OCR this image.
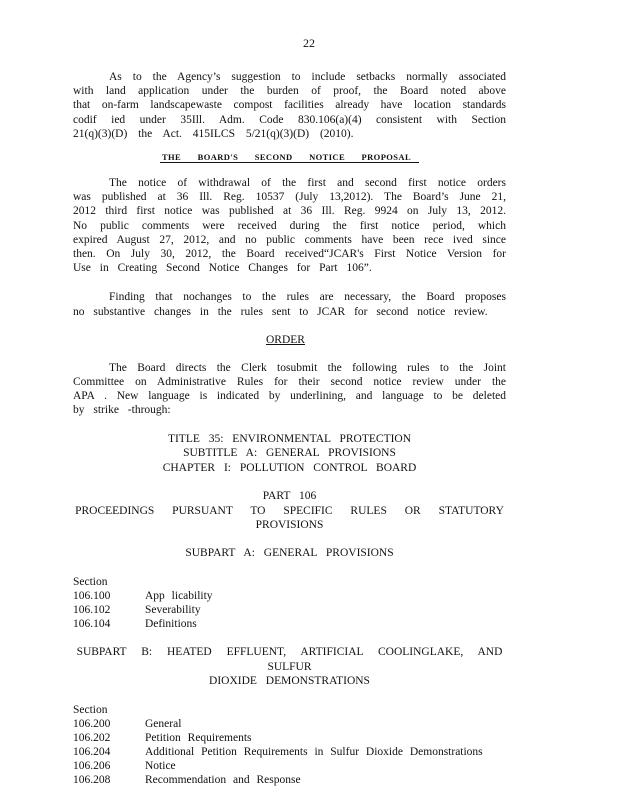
22

As to the Agency’s suggestion to include setbacks normally associated with land application under the burden of proof, the Board noted above that on-farm landscapewaste compost facilities already have location standards codif ied under 35Ill. Adm. Code 830.106(a)(4) consistent with Section 21(q)(3)(D) the Act. 415ILCS 5/21(q)(3)(D) (2010).

THE BOARD'S SECOND NOTICE PROPOSAL

The notice of withdrawal of the first and second first notice orders was published at 36 Ill. Reg. 10537 (July 13,2012). The Board’s June 21, 2012 third first notice was published at 36 Ill. Reg. 9924 on July 13, 2012. No public comments were received during the first notice period, which expired August 27, 2012, and no public comments have been rece ived since then. On July 30, 2012, the Board received“JCAR's First Notice Version for Use in Creating Second Notice Changes for Part 106”.

Finding that nochanges to the rules are necessary, the Board proposes no substantive changes in the rules sent to JCAR for second notice review.

ORDER

The Board directs the Clerk tosubmit the following rules to the Joint Committee on Administrative Rules for their second notice review under the APA . New language is indicated by underlining, and language to be deleted by strike -through:

TITLE 35: ENVIRONMENTAL PROTECTION

SUBTITLE A: GENERAL PROVISIONS

CHAPTER I: POLLUTION CONTROL BOARD

PART 106

PROCEEDINGS PURSUANT TO SPECIFIC RULES OR STATUTORY PROVISIONS

SUBPART A: GENERAL PROVISIONS

Section

106.100	App licability
106.102	Severability
106.104	Definitions

SUBPART B: HEATED EFFLUENT, ARTIFICIAL COOLINGLAKE, AND SULFUR

DIOXIDE DEMONSTRATIONS

Section

106.200	General
106.202	Petition Requirements
106.204	Additional Petition Requirements in Sulfur Dioxide Demonstrations
106.206	Notice
106.208	Recommendation and Response
